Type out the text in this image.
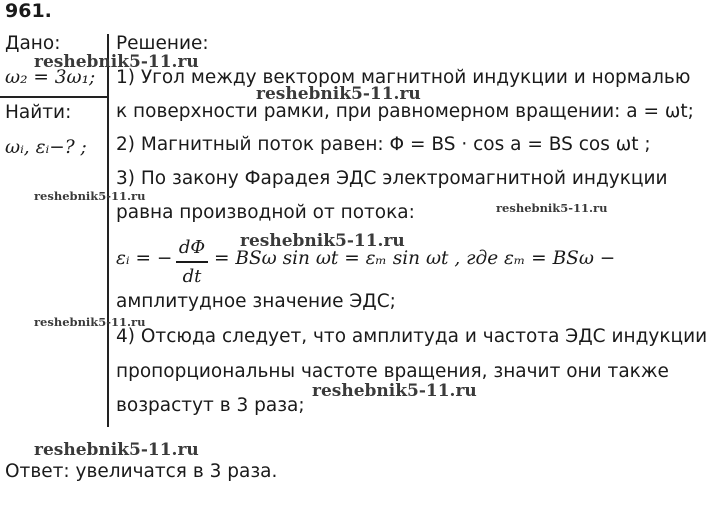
961.
Дано:
ω₂ = 3ω₁;
Найти:
ωᵢ, εᵢ−? ;
Решение:
1) Угол между вектором магнитной индукции и нормалью
к поверхности рамки, при равномерном вращении: a = ωt;
2) Магнитный поток равен: Φ = BS · cos a = BS cos ωt ;
3) По закону Фарадея ЭДС электромагнитной индукции
равна производной от потока:
εᵢ = −
dΦ
dt
= BSω sin ωt = εₘ sin ωt , где εₘ = BSω −
амплитудное значение ЭДС;
4) Отсюда следует, что амплитуда и частота ЭДС индукции
пропорциональны частоте вращения, значит они также
возрастут в 3 раза;
Ответ: увеличатся в 3 раза.
reshebnik5-11.ru
reshebnik5-11.ru
reshebnik5-11.ru
reshebnik5-11.ru
reshebnik5-11.ru
reshebnik5-11.ru
reshebnik5-11.ru
reshebnik5-11.ru
